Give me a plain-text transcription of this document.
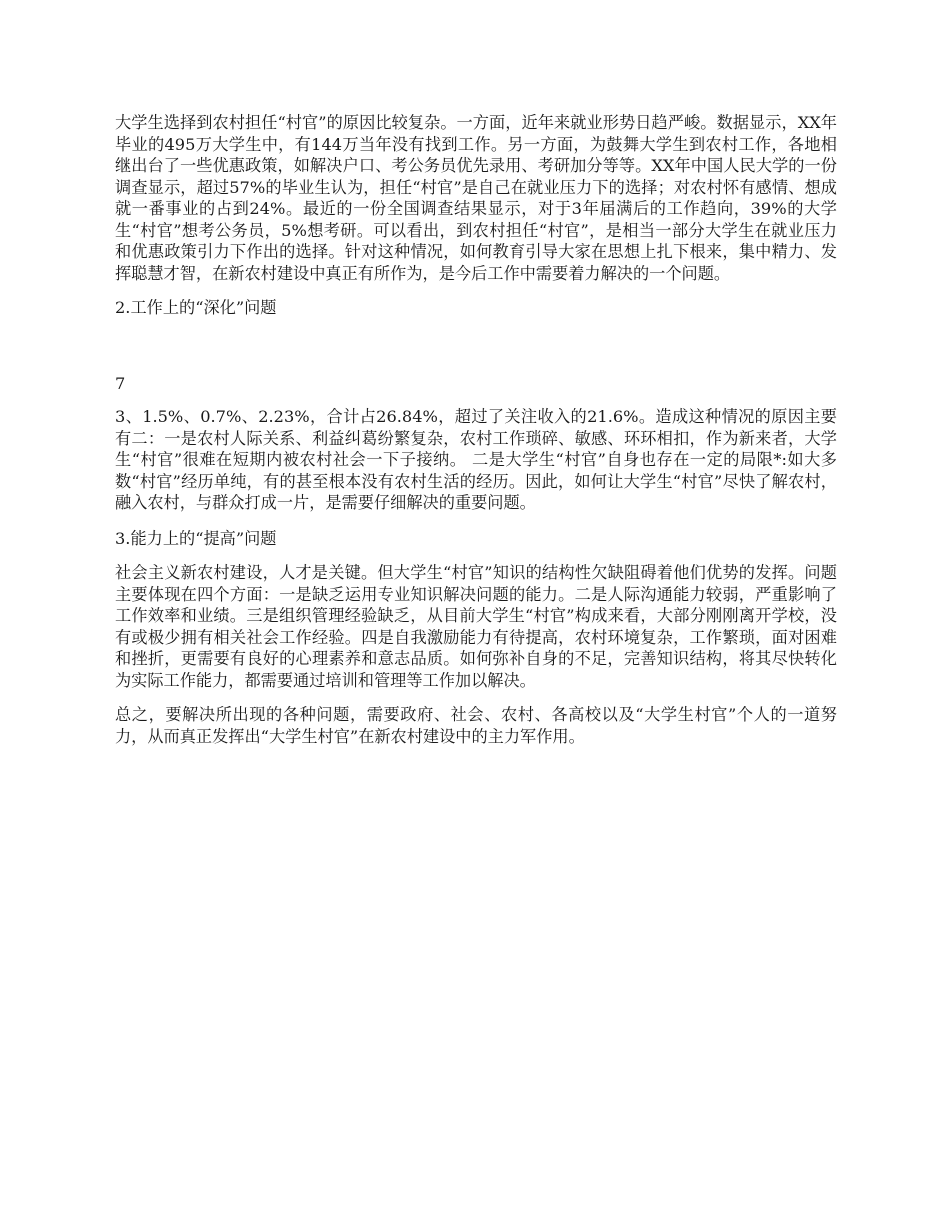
大学生选择到农村担任“村官”的原因比较复杂。一方面，近年来就业形势日趋严峻。数据显示，XX年毕业的495万大学生中，有144万当年没有找到工作。另一方面，为鼓舞大学生到农村工作，各地相继出台了一些优惠政策，如解决户口、考公务员优先录用、考研加分等等。XX年中国人民大学的一份调查显示，超过57%的毕业生认为，担任“村官”是自己在就业压力下的选择；对农村怀有感情、想成就一番事业的占到24%。最近的一份全国调查结果显示，对于3年届满后的工作趋向，39%的大学生“村官”想考公务员，5%想考研。可以看出，到农村担任“村官”，是相当一部分大学生在就业压力和优惠政策引力下作出的选择。针对这种情况，如何教育引导大家在思想上扎下根来，集中精力、发挥聪慧才智，在新农村建设中真正有所作为，是今后工作中需要着力解决的一个问题。

2.工作上的“深化”问题

7

3、1.5%、0.7%、2.23%，合计占26.84%，超过了关注收入的21.6%。造成这种情况的原因主要有二：一是农村人际关系、利益纠葛纷繁复杂，农村工作琐碎、敏感、环环相扣，作为新来者，大学生“村官”很难在短期内被农村社会一下子接纳。 二是大学生“村官”自身也存在一定的局限*:如大多数“村官”经历单纯，有的甚至根本没有农村生活的经历。因此，如何让大学生“村官”尽快了解农村，融入农村，与群众打成一片，是需要仔细解决的重要问题。

3.能力上的“提高”问题

社会主义新农村建设，人才是关键。但大学生“村官”知识的结构性欠缺阻碍着他们优势的发挥。问题主要体现在四个方面：一是缺乏运用专业知识解决问题的能力。二是人际沟通能力较弱，严重影响了工作效率和业绩。三是组织管理经验缺乏，从目前大学生“村官”构成来看，大部分刚刚离开学校，没有或极少拥有相关社会工作经验。四是自我激励能力有待提高，农村环境复杂，工作繁琐，面对困难和挫折，更需要有良好的心理素养和意志品质。如何弥补自身的不足，完善知识结构，将其尽快转化为实际工作能力，都需要通过培训和管理等工作加以解决。

总之，要解决所出现的各种问题，需要政府、社会、农村、各高校以及“大学生村官”个人的一道努力，从而真正发挥出“大学生村官”在新农村建设中的主力军作用。
